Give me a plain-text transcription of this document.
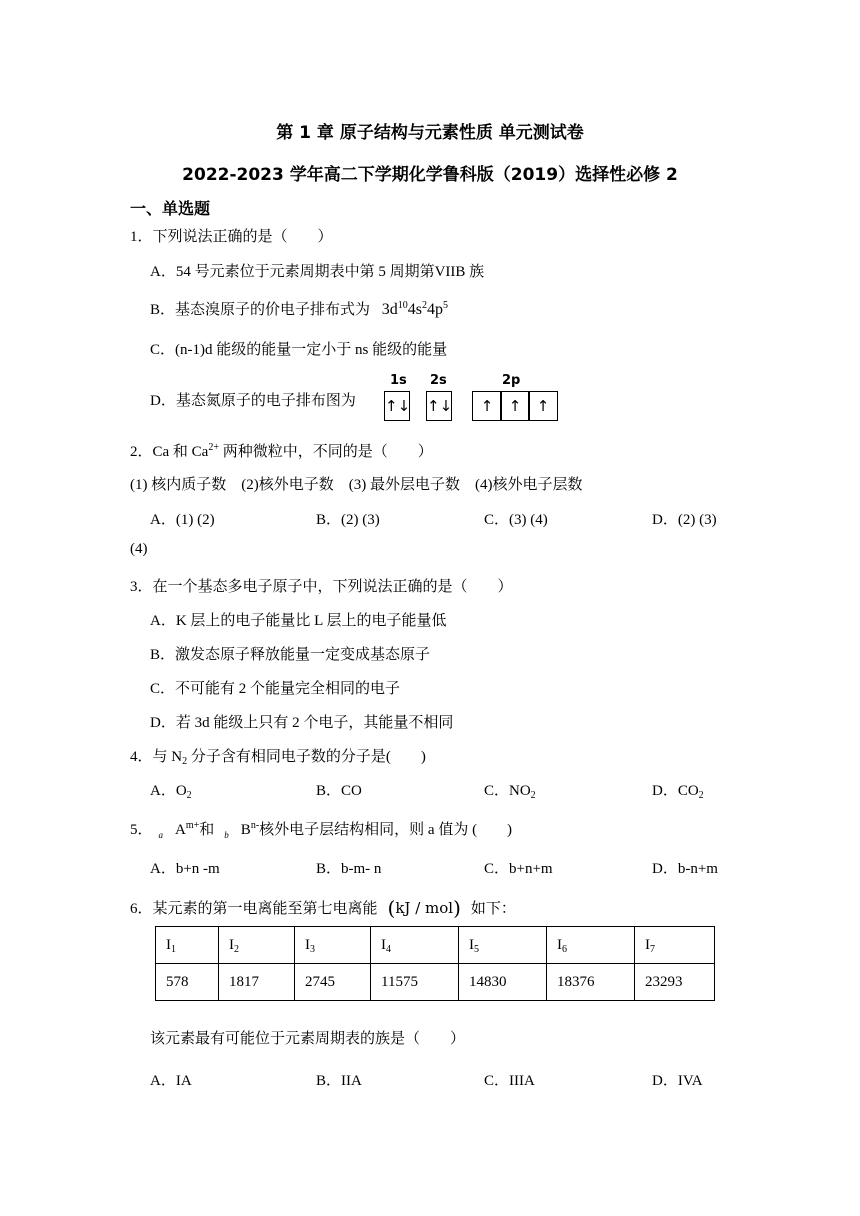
第 1 章 原子结构与元素性质 单元测试卷
2022-2023 学年高二下学期化学鲁科版（2019）选择性必修 2
一、单选题
1．下列说法正确的是（　　）
A．54 号元素位于元素周期表中第 5 周期第VIIB 族
B．基态溴原子的价电子排布式为 $3d^{10}4s^24p^5$
C．(n-1)d 能级的能量一定小于 ns 能级的能量
D．基态氮原子的电子排布图为
1s
↑↓
2s
↑↓
2p
↑	↑	↑
2．Ca 和 $Ca^{2+}$ 两种微粒中，不同的是（　　）
(1) 核内质子数　(2)核外电子数　(3) 最外层电子数　(4)核外电子层数
A．(1) (2)	B．(2) (3)	C．(3) (4)	D．(2) (3)
(4)
3．在一个基态多电子原子中，下列说法正确的是（　　）
A．K 层上的电子能量比 L 层上的电子能量低
B．激发态原子释放能量一定变成基态原子
C．不可能有 2 个能量完全相同的电子
D．若 3d 能级上只有 2 个电子，其能量不相同
4．与 $N_2$ 分子含有相同电子数的分子是(　　)
A．$O_2$	B．CO	C．$NO_2$	D．$CO_2$
5． $_a$ $A^{m+}$和 $_b$ $B^{n-}$核外电子层结构相同，则 a 值为 (　　)
A．b+n -m	B．b-m- n	C．b+n+m	D．b-n+m
6．某元素的第一电离能至第七电离能 (kJ / mol) 如下：
$I_1$	$I_2$	$I_3$	$I_4$	$I_5$	$I_6$	$I_7$
578	1817	2745	11575	14830	18376	23293
该元素最有可能位于元素周期表的族是（　　）
A．IA	B．IIA	C．IIIA	D．IVA
